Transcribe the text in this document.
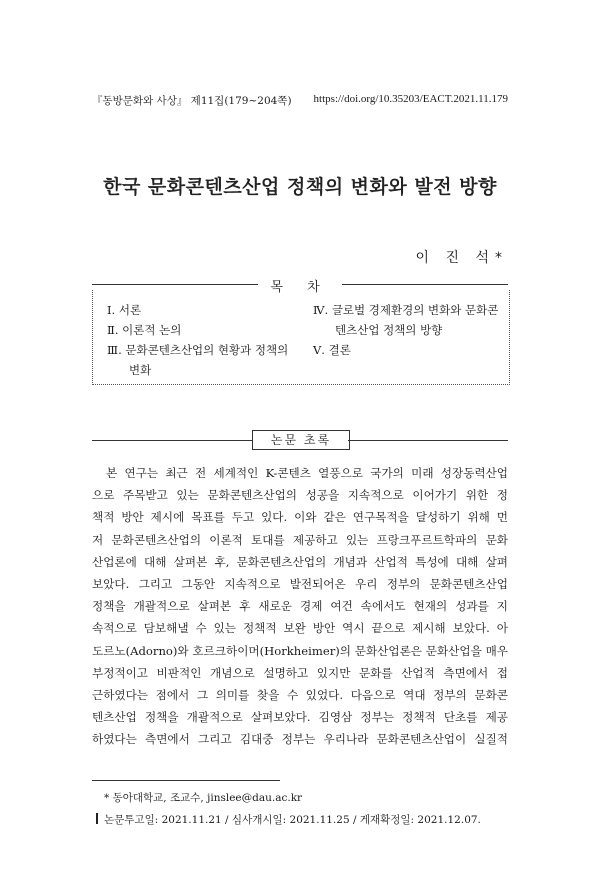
『동방문화와 사상』 제11집(179∼204쪽) https://doi.org/10.35203/EACT.2021.11.179
한국 문화콘텐츠산업 정책의 변화와 발전 방향
이 진 석*
목 차
Ⅰ. 서론
Ⅱ. 이론적 논의
Ⅲ. 문화콘텐츠산업의 현황과 정책의
변화
Ⅳ. 글로벌 경제환경의 변화와 문화콘
텐츠산업 정책의 방향
Ⅴ. 결론
논문 초록
본 연구는 최근 전 세계적인 K-콘텐츠 열풍으로 국가의 미래 성장동력산업
으로 주목받고 있는 문화콘텐츠산업의 성공을 지속적으로 이어가기 위한 정
책적 방안 제시에 목표를 두고 있다. 이와 같은 연구목적을 달성하기 위해 먼
저 문화콘텐츠산업의 이론적 토대를 제공하고 있는 프랑크푸르트학파의 문화
산업론에 대해 살펴본 후, 문화콘텐츠산업의 개념과 산업적 특성에 대해 살펴
보았다. 그리고 그동안 지속적으로 발전되어온 우리 정부의 문화콘텐츠산업
정책을 개괄적으로 살펴본 후 새로운 경제 여건 속에서도 현재의 성과를 지
속적으로 담보해낼 수 있는 정책적 보완 방안 역시 끝으로 제시해 보았다. 아
도르노(Adorno)와 호르크하이머(Horkheimer)의 문화산업론은 문화산업을 매우
부정적이고 비판적인 개념으로 설명하고 있지만 문화를 산업적 측면에서 접
근하였다는 점에서 그 의미를 찾을 수 있었다. 다음으로 역대 정부의 문화콘
텐츠산업 정책을 개괄적으로 살펴보았다. 김영삼 정부는 정책적 단초를 제공
하였다는 측면에서 그리고 김대중 정부는 우리나라 문화콘텐츠산업이 실질적
* 동아대학교, 조교수, jinslee@dau.ac.kr
논문투고일: 2021.11.21 / 심사개시일: 2021.11.25 / 게재확정일: 2021.12.07.
